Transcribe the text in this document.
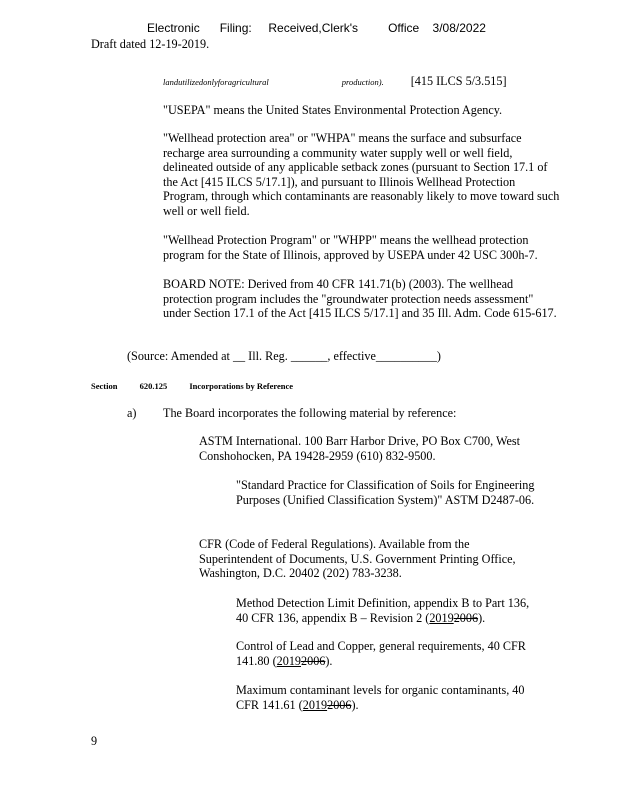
Electronic Filing: Received,Clerk's	Office 3/08/2022
Draft dated 12-19-2019.
landutilizedonlyforagricultural	production). [415 ILCS 5/3.515]
"USEPA" means the United States Environmental Protection Agency.
"Wellhead protection area" or "WHPA" means the surface and subsurface recharge area surrounding a community water supply well or well field, delineated outside of any applicable setback zones (pursuant to Section 17.1 of the Act [415 ILCS 5/17.1]), and pursuant to Illinois Wellhead Protection Program, through which contaminants are reasonably likely to move toward such well or well field.
"Wellhead Protection Program" or "WHPP" means the wellhead protection program for the State of Illinois, approved by USEPA under 42 USC 300h-7.
BOARD NOTE: Derived from 40 CFR 141.71(b) (2003). The wellhead protection program includes the "groundwater protection needs assessment" under Section 17.1 of the Act [415 ILCS 5/17.1] and 35 Ill. Adm. Code 615-617.
(Source: Amended at __ Ill. Reg. ______, effective__________)
Section	620.125	Incorporations by Reference
a) The Board incorporates the following material by reference:
ASTM International. 100 Barr Harbor Drive, PO Box C700, West Conshohocken, PA 19428-2959 (610) 832-9500.
"Standard Practice for Classification of Soils for Engineering Purposes (Unified Classification System)" ASTM D2487-06.
CFR (Code of Federal Regulations). Available from the Superintendent of Documents, U.S. Government Printing Office, Washington, D.C. 20402 (202) 783-3238.
Method Detection Limit Definition, appendix B to Part 136, 40 CFR 136, appendix B – Revision 2 (20192006).
Control of Lead and Copper, general requirements, 40 CFR 141.80 (20192006).
Maximum contaminant levels for organic contaminants, 40 CFR 141.61 (20192006).
9
